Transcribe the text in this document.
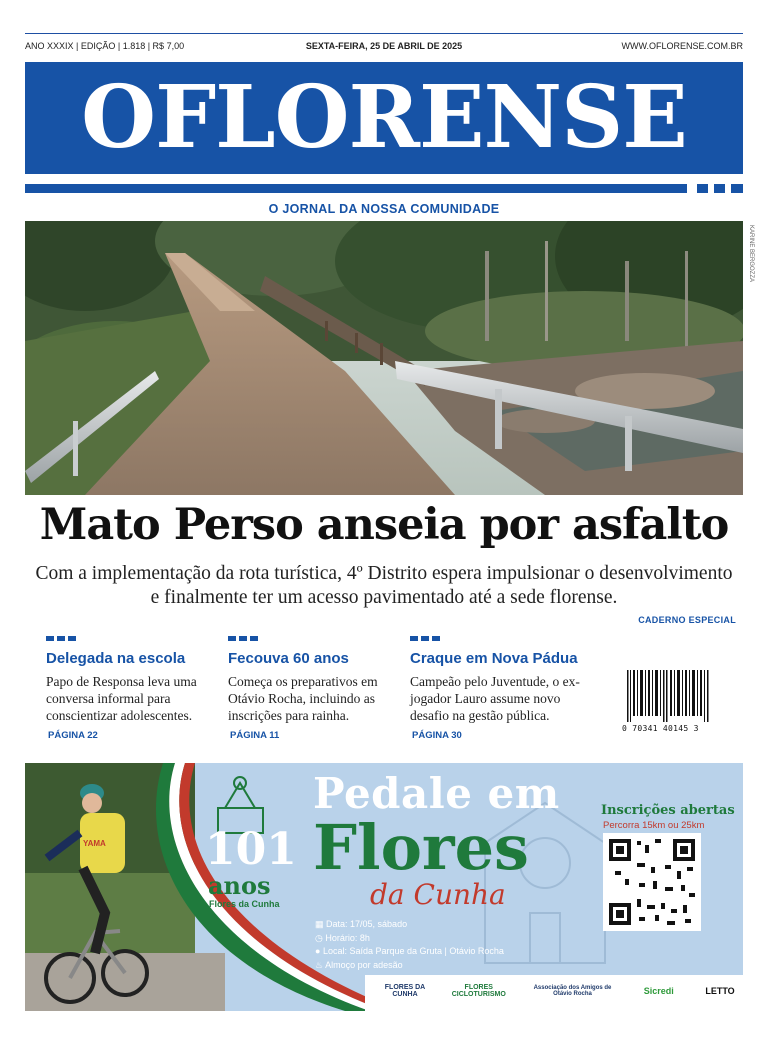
ANO XXXIX | EDIÇÃO | 1.818 | R$ 7,00	SEXTA-FEIRA, 25 DE ABRIL DE 2025	WWW.OFLORENSE.COM.BR
OFLORENSE
O JORNAL DA NOSSA COMUNIDADE
KARINE BERGOZZA
Mato Perso anseia por asfalto
Com a implementação da rota turística, 4º Distrito espera impulsionar o desenvolvimento e finalmente ter um acesso pavimentado até a sede florense.
CADERNO ESPECIAL
Delegada na escola
Papo de Responsa leva uma conversa informal para conscientizar adolescentes.
PÁGINA 22
Fecouva 60 anos
Começa os preparativos em Otávio Rocha, incluindo as inscrições para rainha.
PÁGINA 11
Craque em Nova Pádua
Campeão pelo Juventude, o ex-jogador Lauro assume novo desafio na gestão pública.
PÁGINA 30
0 70341 40145 3
101
anos
Flores da Cunha
Pedale em
Flores
da Cunha
Inscrições abertas
Percorra 15km ou 25km
▦ Data: 17/05, sábado
◷ Horário: 8h
● Local: Saída Parque da Gruta | Otávio Rocha
♨ Almoço por adesão
YAMA
FLORES DA CUNHA
FLORES CICLOTURISMO
Associação dos Amigos de Otávio Rocha	Sicredi	LETTO
